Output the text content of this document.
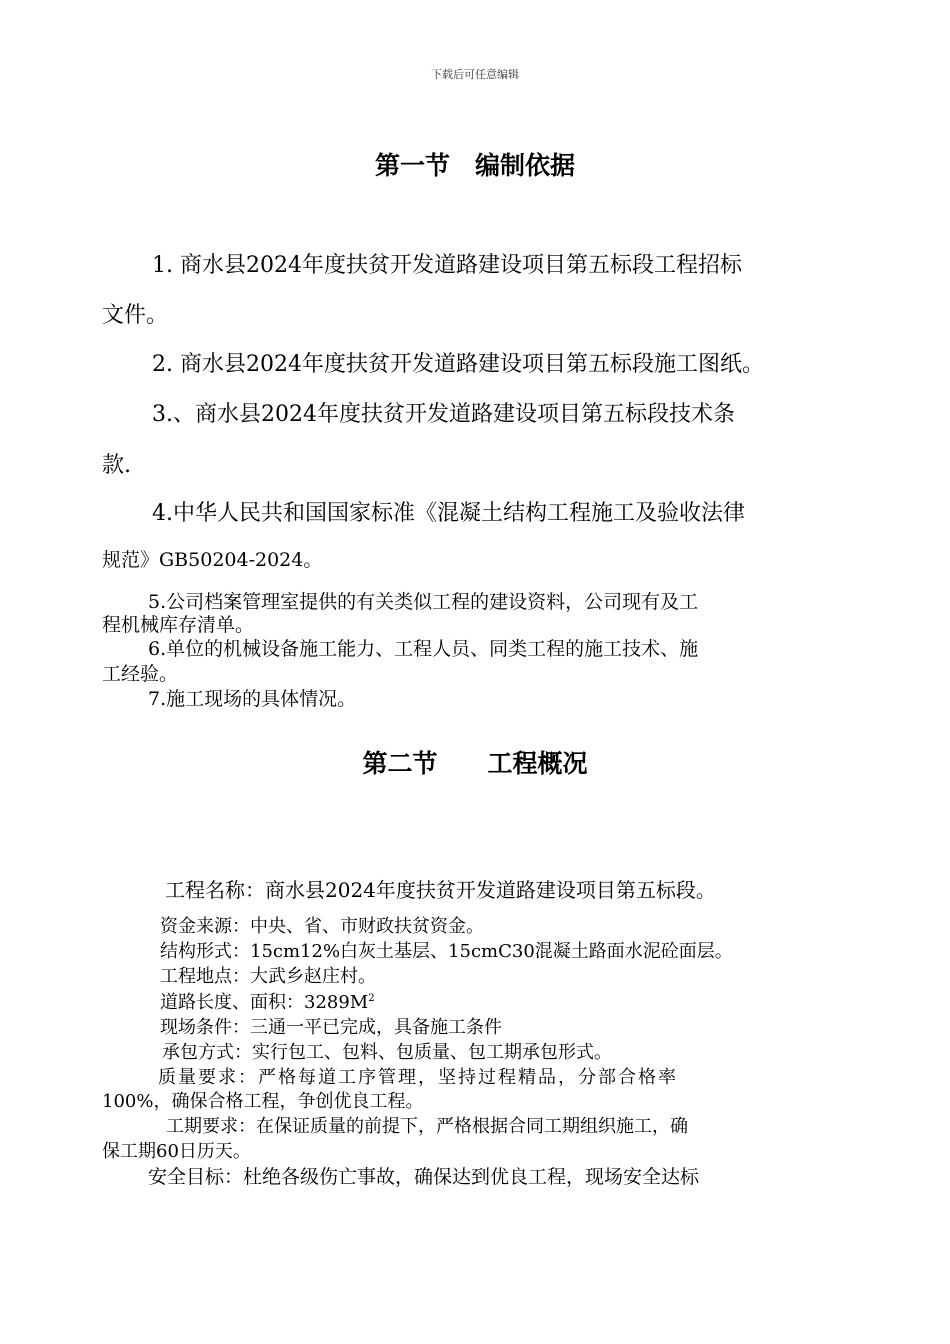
下载后可任意编辑
第一节　编制依据
1. 商水县2024年度扶贫开发道路建设项目第五标段工程招标
文件。
2. 商水县2024年度扶贫开发道路建设项目第五标段施工图纸。
3.、商水县2024年度扶贫开发道路建设项目第五标段技术条
款.
4.中华人民共和国国家标准《混凝土结构工程施工及验收法律
规范》GB50204-2024。
5.公司档案管理室提供的有关类似工程的建设资料，公司现有及工
程机械库存清单。
6.单位的机械设备施工能力、工程人员、同类工程的施工技术、施
工经验。
7.施工现场的具体情况。
第二节　　工程概况
工程名称：商水县2024年度扶贫开发道路建设项目第五标段。
资金来源：中央、省、市财政扶贫资金。
结构形式：15cm12%白灰土基层、15cmC30混凝土路面水泥砼面层。
工程地点：大武乡赵庄村。
道路长度、面积：$3289M^2$
现场条件：三通一平已完成，具备施工条件
承包方式：实行包工、包料、包质量、包工期承包形式。
质量要求：严格每道工序管理，坚持过程精品，分部合格率
100%，确保合格工程，争创优良工程。
工期要求：在保证质量的前提下，严格根据合同工期组织施工，确
保工期60日历天。
安全目标：杜绝各级伤亡事故，确保达到优良工程，现场安全达标
